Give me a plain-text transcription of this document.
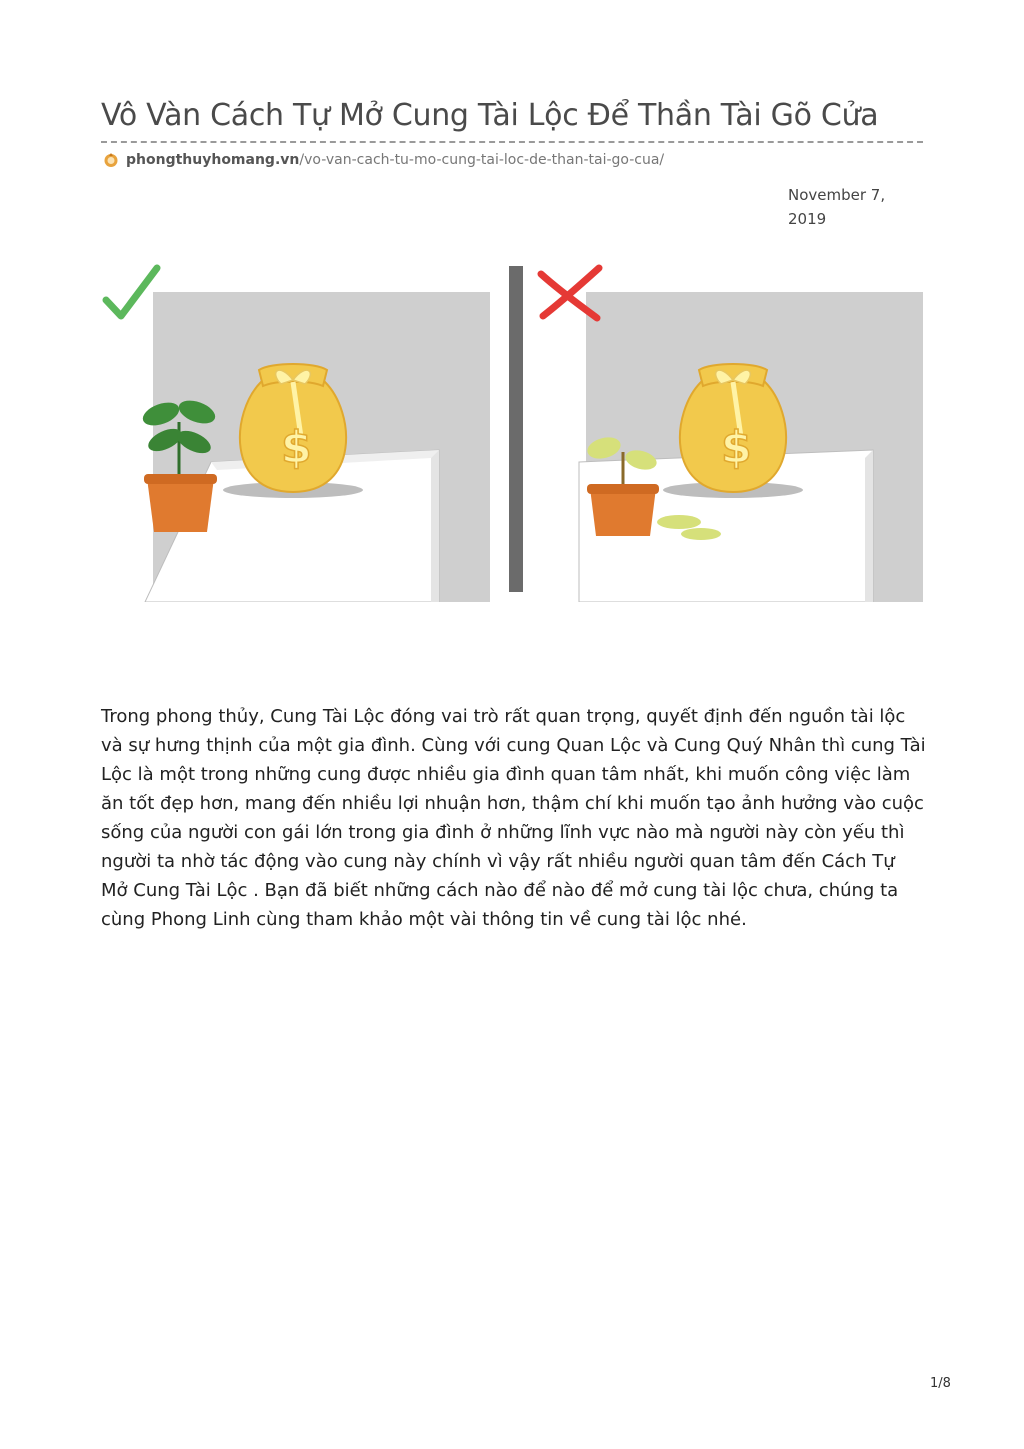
Vô Vàn Cách Tự Mở Cung Tài Lộc Để Thần Tài Gõ Cửa
phongthuyhomang.vn /vo-van-cach-tu-mo-cung-tai-loc-de-than-tai-go-cua/
November 7,
2019
$	$

Trong phong thủy, Cung Tài Lộc đóng vai trò rất quan trọng, quyết định đến nguồn tài lộc và sự hưng thịnh của một gia đình. Cùng với cung Quan Lộc và Cung Quý Nhân thì cung Tài Lộc là một trong những cung được nhiều gia đình quan tâm nhất, khi muốn công việc làm ăn tốt đẹp hơn, mang đến nhiều lợi nhuận hơn, thậm chí khi muốn tạo ảnh hưởng vào cuộc sống của người con gái lớn trong gia đình ở những lĩnh vực nào mà người này còn yếu thì người ta nhờ tác động vào cung này chính vì vậy rất nhiều người quan tâm đến Cách Tự Mở Cung Tài Lộc . Bạn đã biết những cách nào để nào để mở cung tài lộc chưa, chúng ta cùng Phong Linh cùng tham khảo một vài thông tin về cung tài lộc nhé.

1/8
